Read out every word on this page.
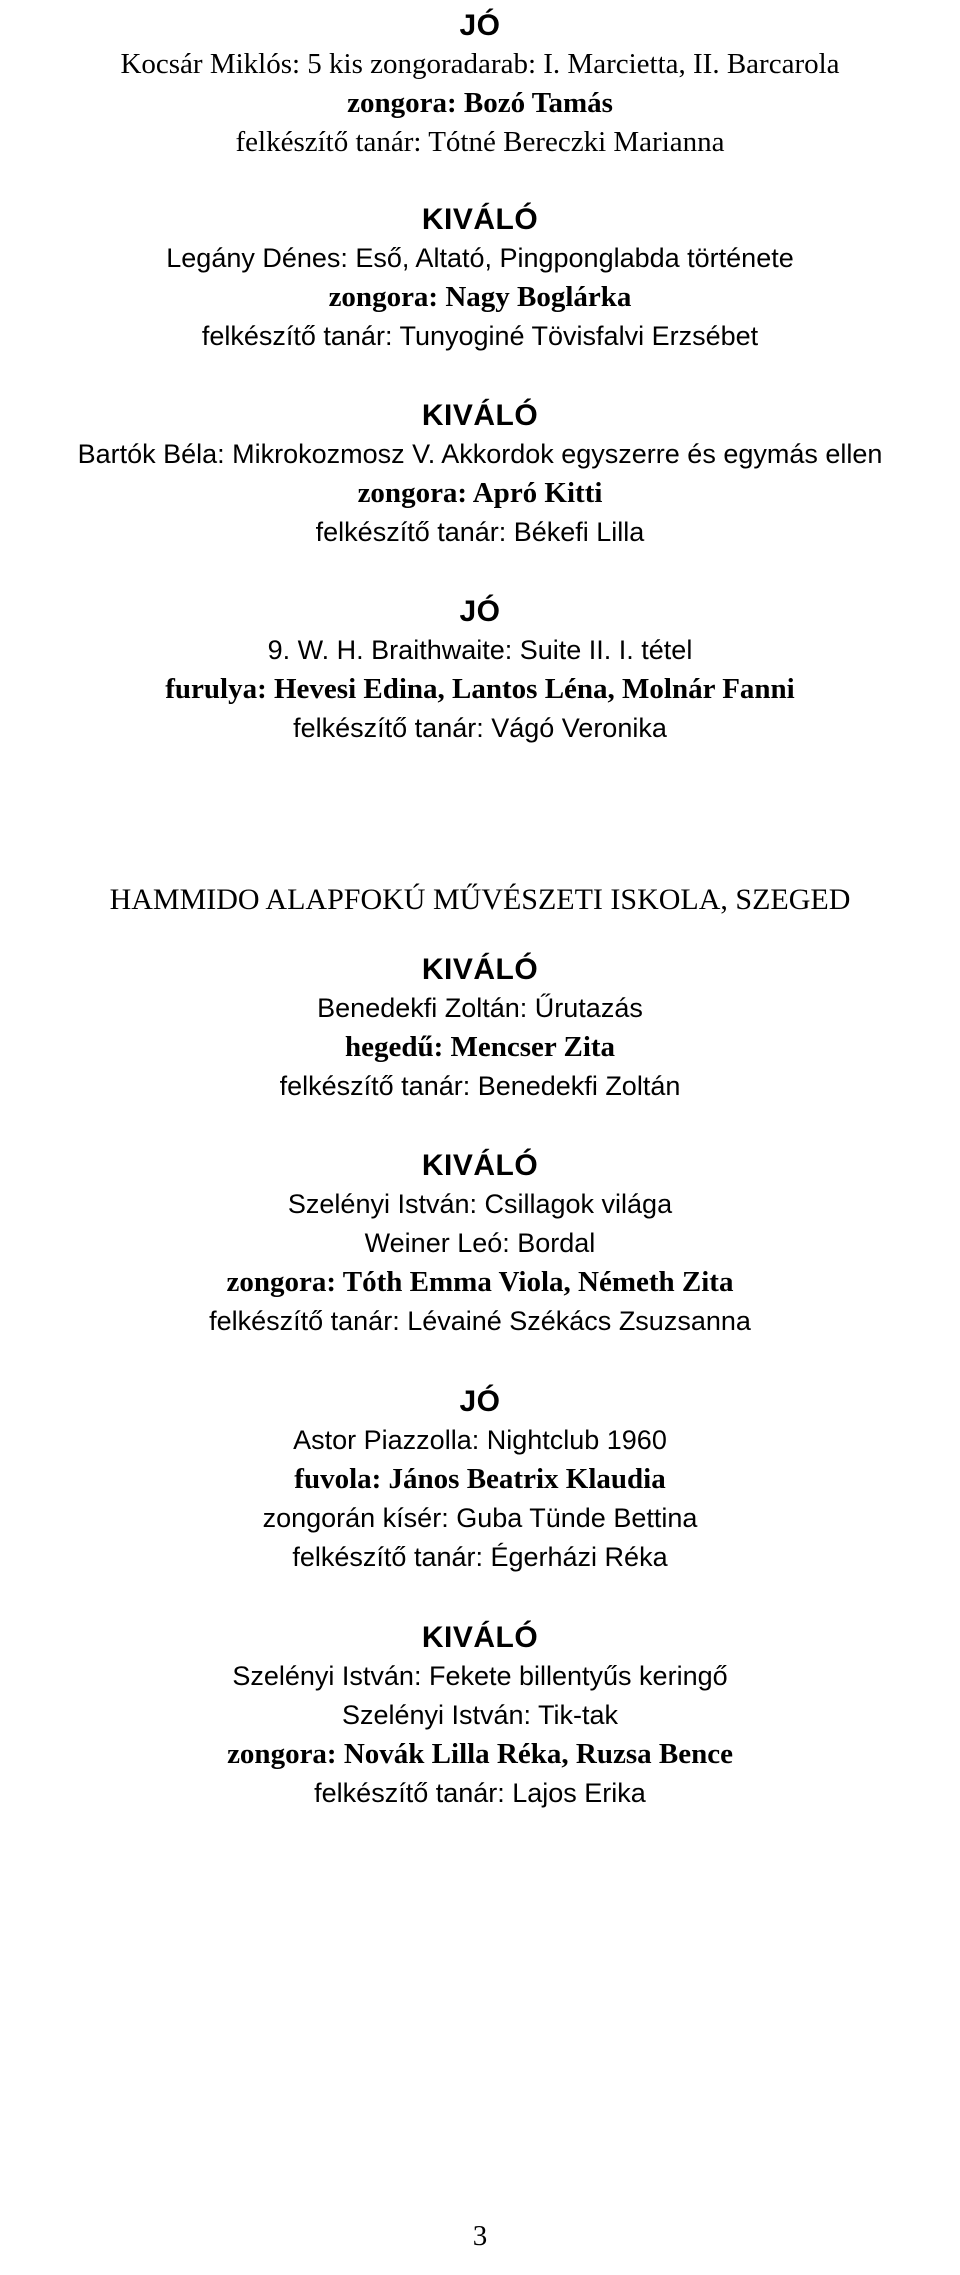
JÓ
Kocsár Miklós: 5 kis zongoradarab: I. Marcietta, II. Barcarola
zongora: Bozó Tamás
felkészítő tanár: Tótné Bereczki Marianna
KIVÁLÓ
Legány Dénes: Eső, Altató, Pingponglabda története
zongora: Nagy Boglárka
felkészítő tanár: Tunyoginé Tövisfalvi Erzsébet
KIVÁLÓ
Bartók Béla: Mikrokozmosz V. Akkordok egyszerre és egymás ellen
zongora: Apró Kitti
felkészítő tanár: Békefi Lilla
JÓ
9. W. H. Braithwaite: Suite II. I. tétel
furulya: Hevesi Edina, Lantos Léna, Molnár Fanni
felkészítő tanár: Vágó Veronika
HAMMIDO ALAPFOKÚ MŰVÉSZETI ISKOLA, SZEGED
KIVÁLÓ
Benedekfi Zoltán: Űrutazás
hegedű: Mencser Zita
felkészítő tanár: Benedekfi Zoltán
KIVÁLÓ
Szelényi István: Csillagok világa
Weiner Leó: Bordal
zongora: Tóth Emma Viola, Németh Zita
felkészítő tanár: Lévainé Székács Zsuzsanna
JÓ
Astor Piazzolla: Nightclub 1960
fuvola: János Beatrix Klaudia
zongorán kísér: Guba Tünde Bettina
felkészítő tanár: Égerházi Réka
KIVÁLÓ
Szelényi István: Fekete billentyűs keringő
Szelényi István: Tik-tak
zongora: Novák Lilla Réka, Ruzsa Bence
felkészítő tanár: Lajos Erika
3
